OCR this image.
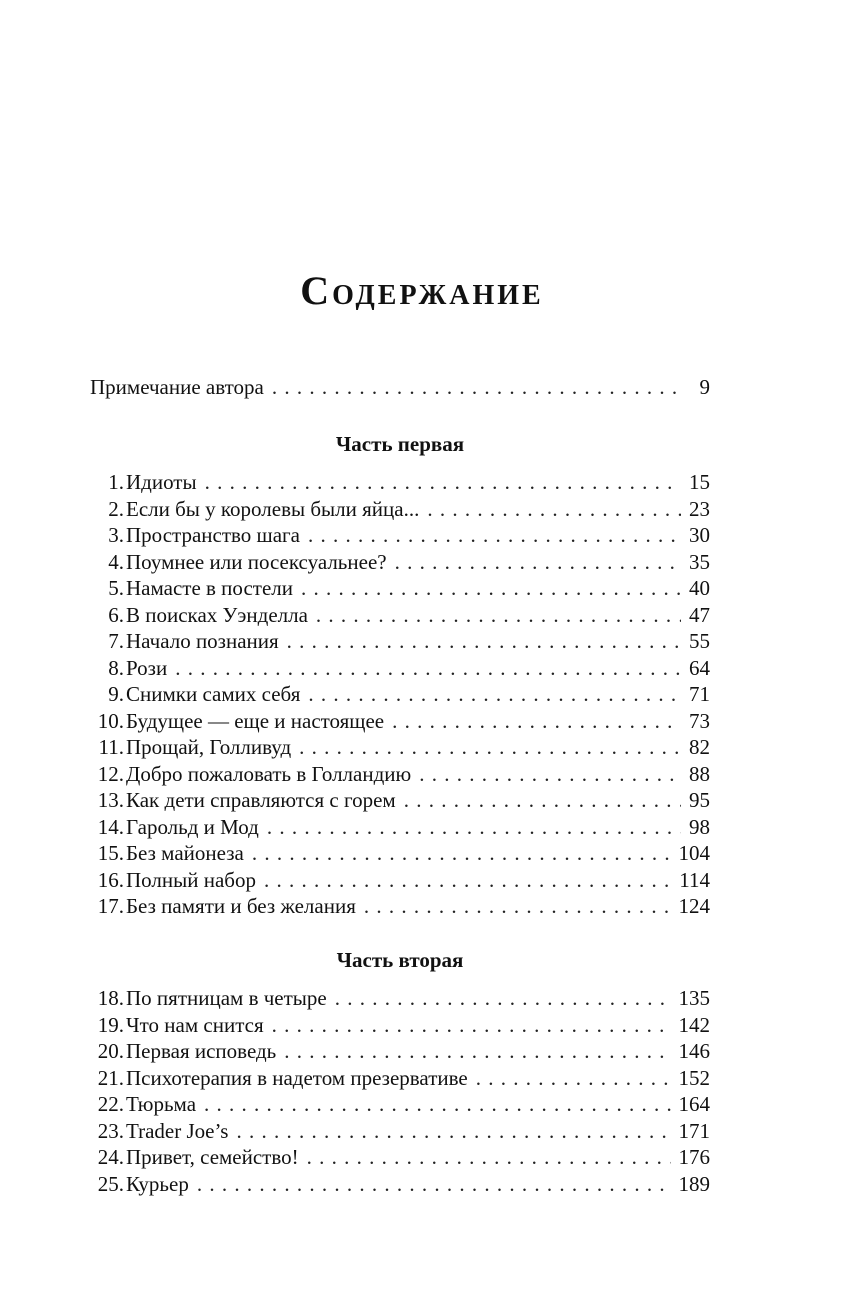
Содержание
Примечание автора . . .	9
Часть первая
1. Идиоты . . .	15
2. Если бы у королевы были яйца... . . .	23
3. Пространство шага . . .	30
4. Поумнее или посексуальнее? . . .	35
5. Намасте в постели . . .	40
6. В поисках Уэнделла . . .	47
7. Начало познания . . .	55
8. Рози . . .	64
9. Снимки самих себя . . .	71
10. Будущее — еще и настоящее . . .	73
11. Прощай, Голливуд . . .	82
12. Добро пожаловать в Голландию . . .	88
13. Как дети справляются с горем . . .	95
14. Гарольд и Мод . . .	98
15. Без майонеза . . .	104
16. Полный набор . . .	114
17. Без памяти и без желания . . .	124
Часть вторая
18. По пятницам в четыре . . .	135
19. Что нам снится . . .	142
20. Первая исповедь . . .	146
21. Психотерапия в надетом презервативе . . .	152
22. Тюрьма . . .	164
23. Trader Joe’s . . .	171
24. Привет, семейство! . . .	176
25. Курьер . . .	189
